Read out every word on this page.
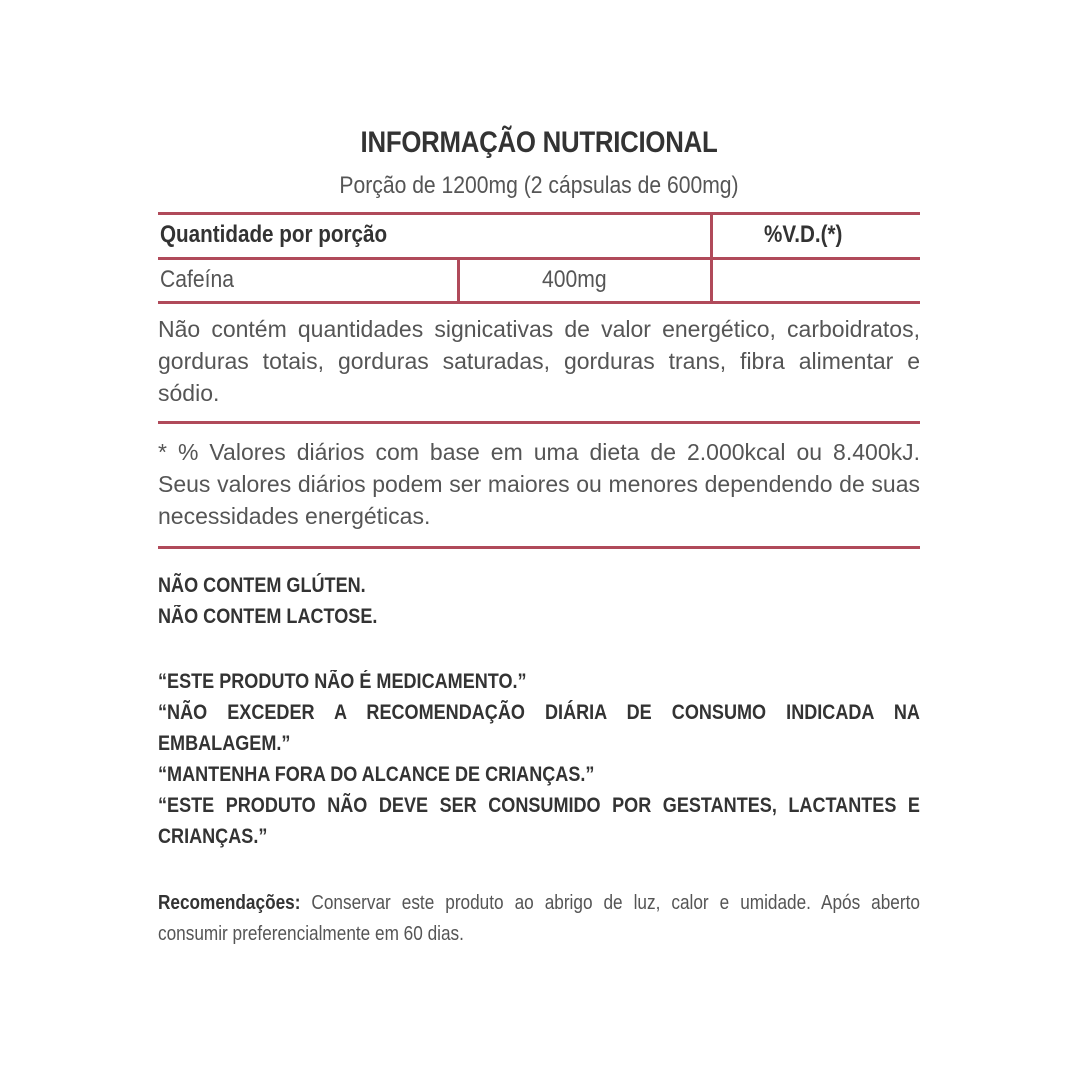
INFORMAÇÃO NUTRICIONAL
Porção de 1200mg (2 cápsulas de 600mg)
Quantidade por porção	%V.D.(*)
Cafeína	400mg
Não contém quantidades signicativas de valor energético, carboidratos, gorduras totais, gorduras saturadas, gorduras trans, fibra alimentar e sódio.
* % Valores diários com base em uma dieta de 2.000kcal ou 8.400kJ. Seus valores diários podem ser maiores ou menores dependendo de suas necessidades energéticas.
NÃO CONTEM GLÚTEN.
NÃO CONTEM LACTOSE.
“ESTE PRODUTO NÃO É MEDICAMENTO.”
“NÃO EXCEDER A RECOMENDAÇÃO DIÁRIA DE CONSUMO INDICADA NA EMBALAGEM.”
“MANTENHA FORA DO ALCANCE DE CRIANÇAS.”
“ESTE PRODUTO NÃO DEVE SER CONSUMIDO POR GESTANTES, LACTANTES E CRIANÇAS.”
Recomendações: Conservar este produto ao abrigo de luz, calor e umidade. Após aberto consumir preferencialmente em 60 dias.
